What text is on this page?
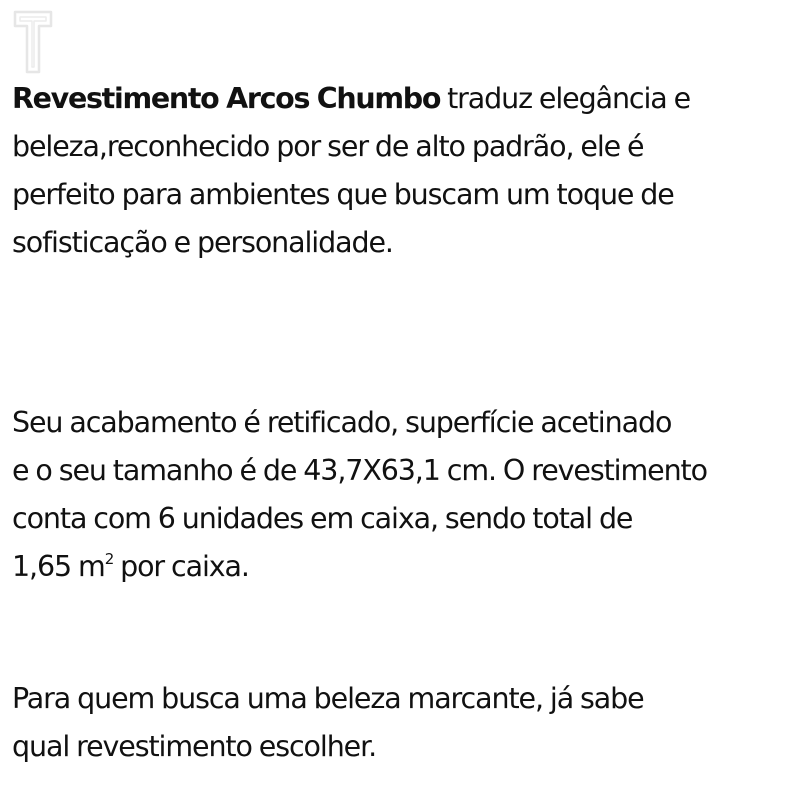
Revestimento Arcos Chumbo traduz elegância e
beleza,reconhecido por ser de alto padrão, ele é
perfeito para ambientes que buscam um toque de
sofisticação e personalidade.

Seu acabamento é retificado, superfície acetinado
e o seu tamanho é de 43,7X63,1 cm. O revestimento
conta com 6 unidades em caixa, sendo total de
1,65 $m^2$ por caixa.

Para quem busca uma beleza marcante, já sabe
qual revestimento escolher.
